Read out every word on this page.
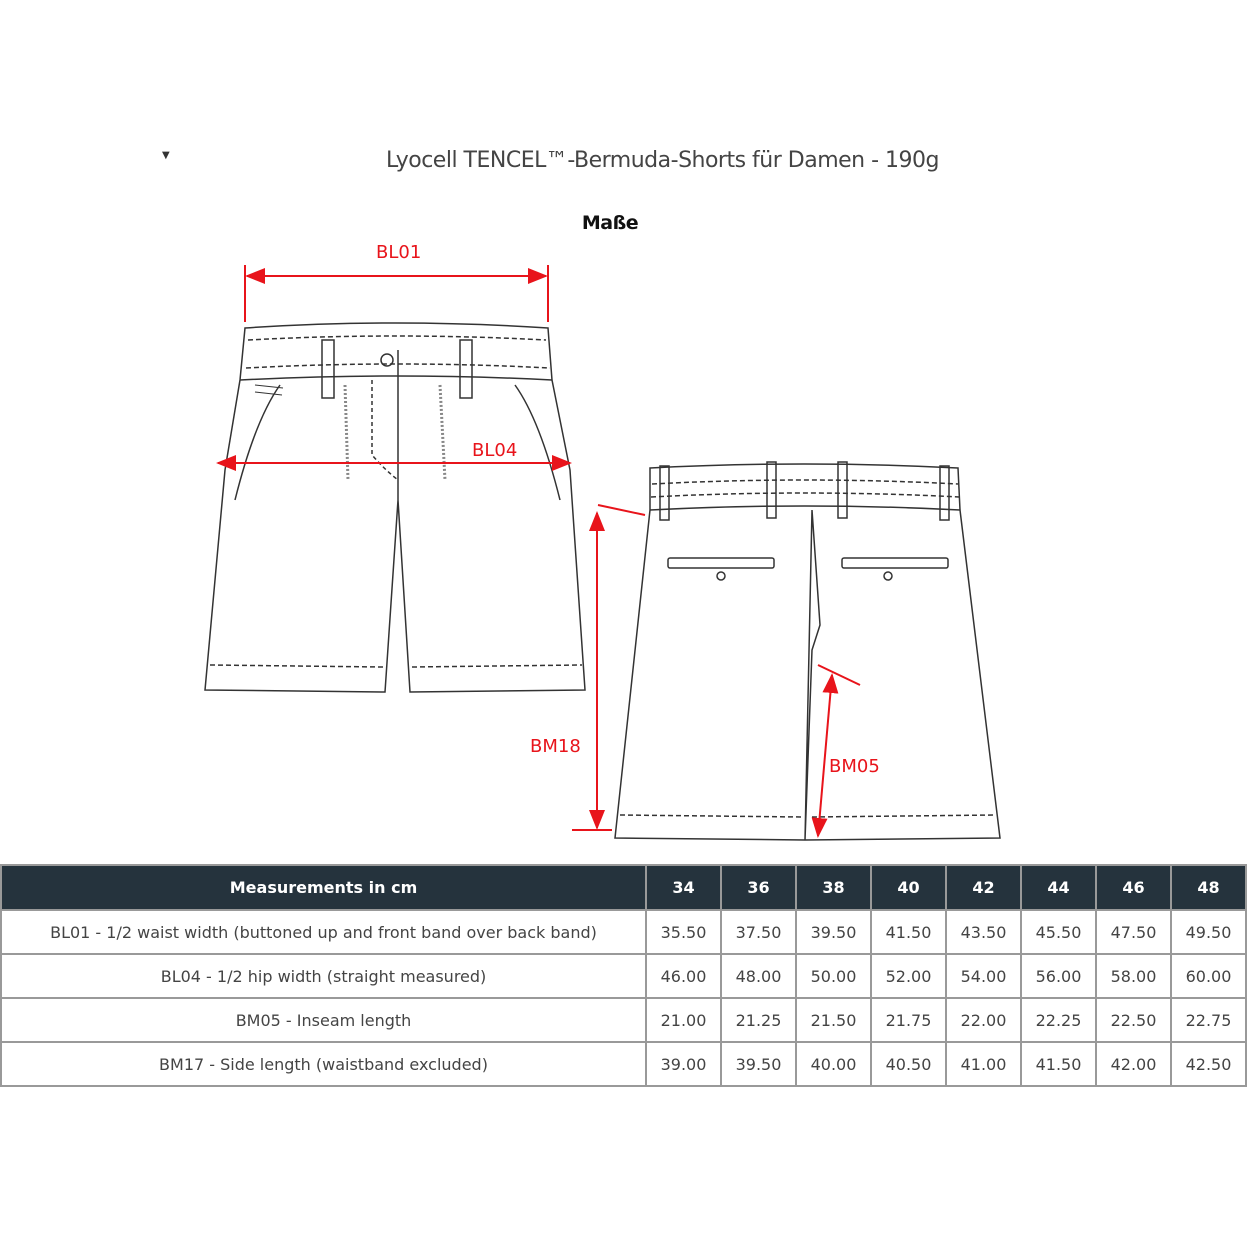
▼	Lyocell TENCEL™-Bermuda-Shorts für Damen - 190g
Maße
BL01
BL04
BM18
BM05
Measurements in cm	34	36	38	40	42	44	46	48
BL01 - 1/2 waist width (buttoned up and front band over back band)	35.50	37.50	39.50	41.50	43.50	45.50	47.50	49.50
BL04 - 1/2 hip width (straight measured)	46.00	48.00	50.00	52.00	54.00	56.00	58.00	60.00
BM05 - Inseam length	21.00	21.25	21.50	21.75	22.00	22.25	22.50	22.75
BM17 - Side length (waistband excluded)	39.00	39.50	40.00	40.50	41.00	41.50	42.00	42.50
